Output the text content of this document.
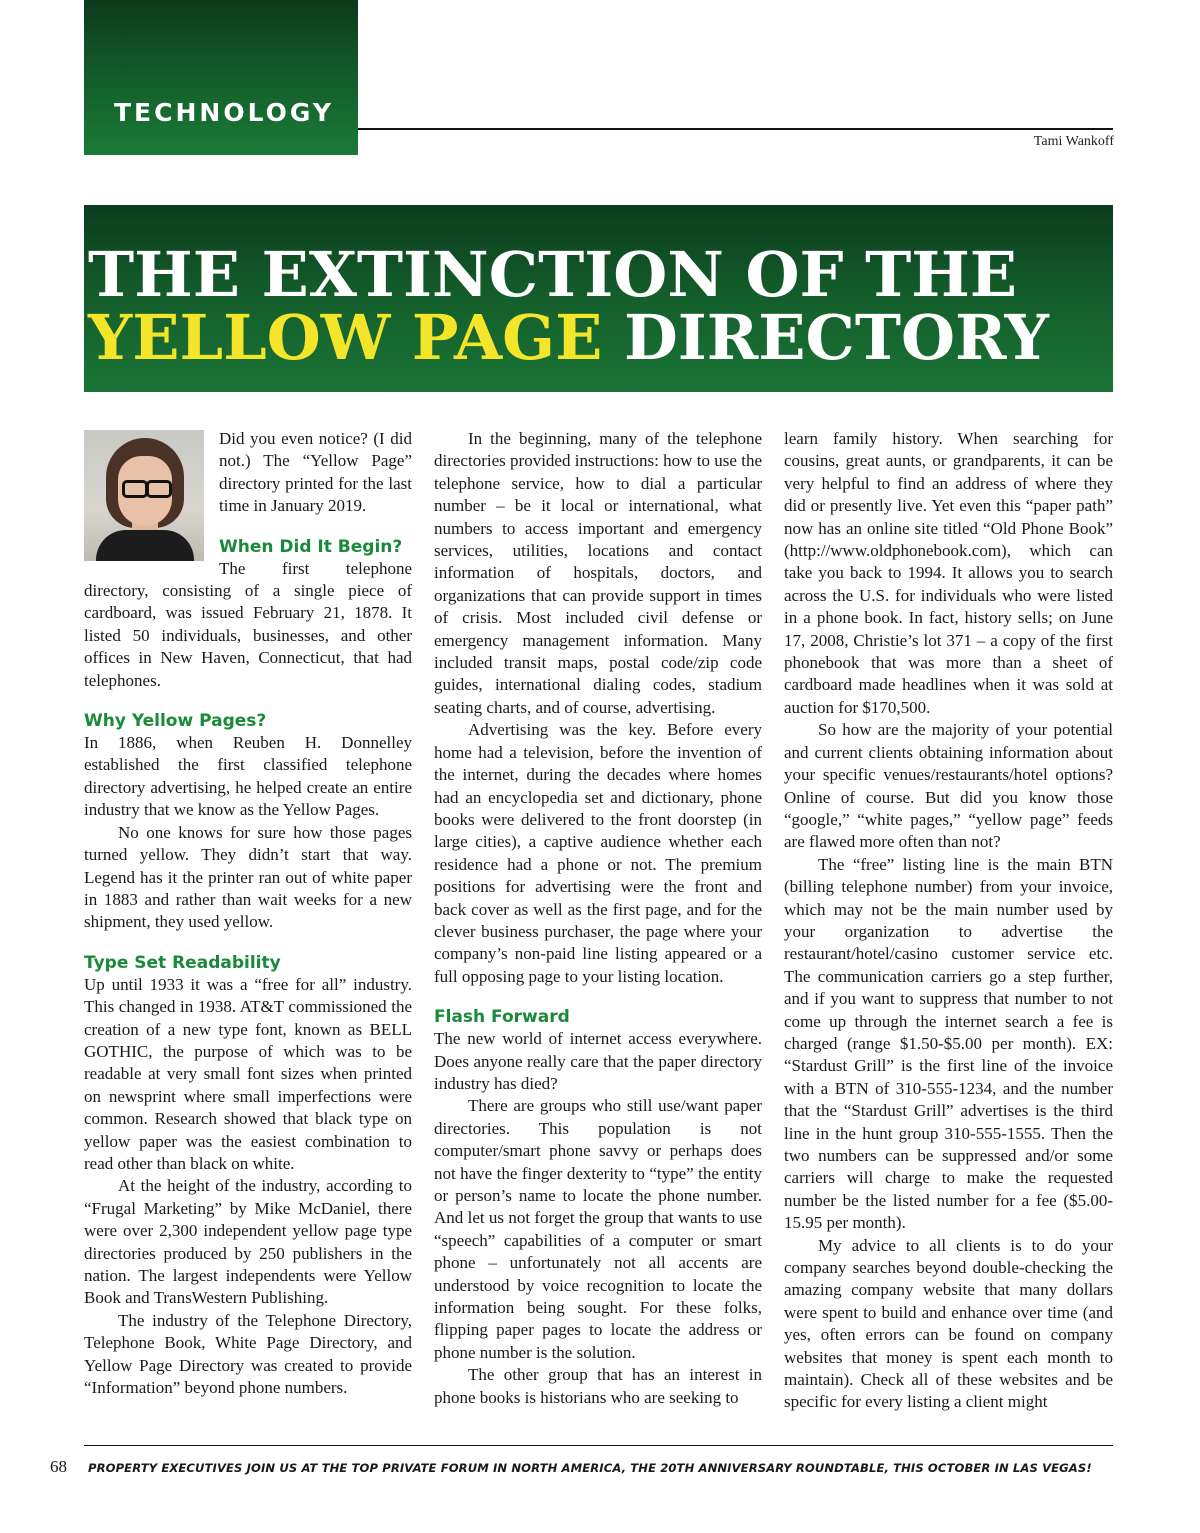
TECHNOLOGY
Tami Wankoff
THE EXTINCTION OF THE
YELLOW PAGE DIRECTORY

Did you even notice? (I did not.) The “Yellow Page” directory printed for the last time in January 2019.

When Did It Begin?

The first telephone directory, consisting of a single piece of cardboard, was issued February 21, 1878. It listed 50 individuals, businesses, and other offices in New Haven, Connecticut, that had telephones.

Why Yellow Pages?

In 1886, when Reuben H. Donnelley established the first classified telephone directory advertising, he helped create an entire industry that we know as the Yellow Pages.

No one knows for sure how those pages turned yellow. They didn’t start that way. Legend has it the printer ran out of white paper in 1883 and rather than wait weeks for a new shipment, they used yellow.

Type Set Readability

Up until 1933 it was a “free for all” industry. This changed in 1938. AT&T commissioned the creation of a new type font, known as BELL GOTHIC, the purpose of which was to be readable at very small font sizes when printed on newsprint where small imperfections were common. Research showed that black type on yellow paper was the easiest combination to read other than black on white.

At the height of the industry, according to “Frugal Marketing” by Mike McDaniel, there were over 2,300 independent yellow page type directories produced by 250 publishers in the nation. The largest independents were Yellow Book and TransWestern Publishing.

The industry of the Telephone Directory, Telephone Book, White Page Directory, and Yellow Page Directory was created to provide “Information” beyond phone numbers.

In the beginning, many of the telephone directories provided instructions: how to use the telephone service, how to dial a particular number – be it local or international, what numbers to access important and emergency services, utilities, locations and contact information of hospitals, doctors, and organizations that can provide support in times of crisis. Most included civil defense or emergency management information. Many included transit maps, postal code/zip code guides, international dialing codes, stadium seating charts, and of course, advertising.

Advertising was the key. Before every home had a television, before the invention of the internet, during the decades where homes had an encyclopedia set and dictionary, phone books were delivered to the front doorstep (in large cities), a captive audience whether each residence had a phone or not. The premium positions for advertising were the front and back cover as well as the first page, and for the clever business purchaser, the page where your company’s non-paid line listing appeared or a full opposing page to your listing location.

Flash Forward

The new world of internet access everywhere. Does anyone really care that the paper directory industry has died?

There are groups who still use/want paper directories. This population is not computer/smart phone savvy or perhaps does not have the finger dexterity to “type” the entity or person’s name to locate the phone number. And let us not forget the group that wants to use “speech” capabilities of a computer or smart phone – unfortunately not all accents are understood by voice recognition to locate the information being sought. For these folks, flipping paper pages to locate the address or phone number is the solution.

The other group that has an interest in phone books is historians who are seeking to

learn family history. When searching for cousins, great aunts, or grandparents, it can be very helpful to find an address of where they did or presently live. Yet even this “paper path” now has an online site titled “Old Phone Book” (http://www.oldphonebook.com), which can take you back to 1994. It allows you to search across the U.S. for individuals who were listed in a phone book. In fact, history sells; on June 17, 2008, Christie’s lot 371 – a copy of the first phonebook that was more than a sheet of cardboard made headlines when it was sold at auction for $170,500.

So how are the majority of your potential and current clients obtaining information about your specific venues/restaurants/hotel options? Online of course. But did you know those “google,” “white pages,” “yellow page” feeds are flawed more often than not?

The “free” listing line is the main BTN (billing telephone number) from your invoice, which may not be the main number used by your organization to advertise the restaurant/hotel/casino customer service etc. The communication carriers go a step further, and if you want to suppress that number to not come up through the internet search a fee is charged (range $1.50-$5.00 per month). EX: “Stardust Grill” is the first line of the invoice with a BTN of 310-555-1234, and the number that the “Stardust Grill” advertises is the third line in the hunt group 310-555-1555. Then the two numbers can be suppressed and/or some carriers will charge to make the requested number be the listed number for a fee ($5.00-15.95 per month).

My advice to all clients is to do your company searches beyond double-checking the amazing company website that many dollars were spent to build and enhance over time (and yes, often errors can be found on company websites that money is spent each month to maintain). Check all of these websites and be specific for every listing a client might

68 PROPERTY EXECUTIVES JOIN US AT THE TOP PRIVATE FORUM IN NORTH AMERICA, THE 20TH ANNIVERSARY ROUNDTABLE, THIS OCTOBER IN LAS VEGAS!
